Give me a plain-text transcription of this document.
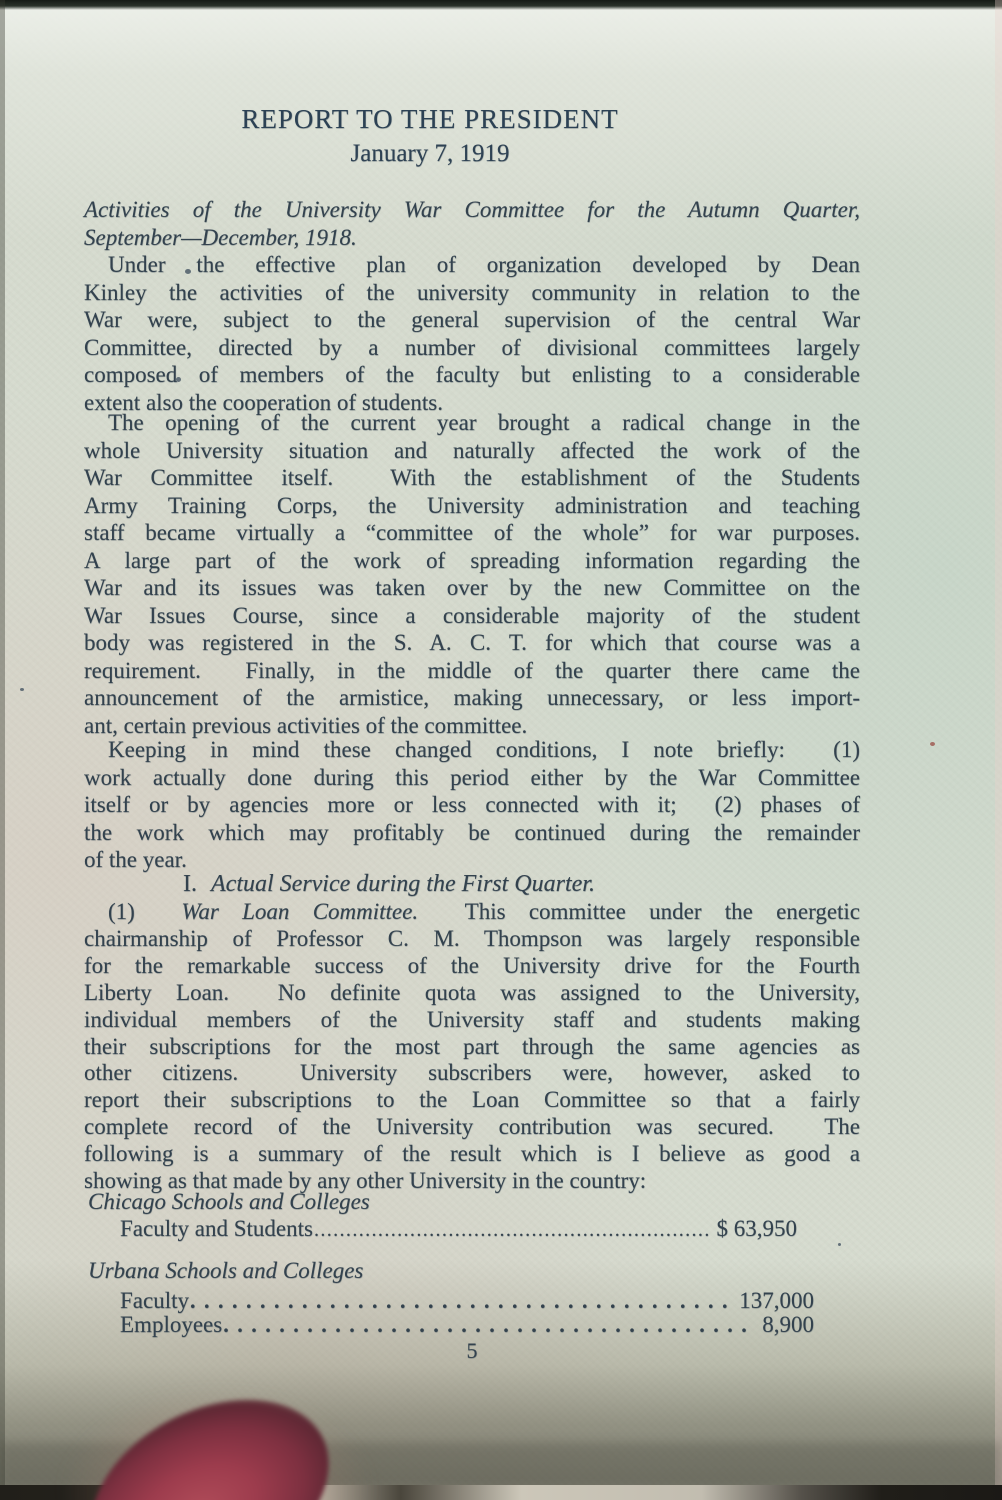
REPORT TO THE PRESIDENT
January 7, 1919
Activities of the University War Committee for the Autumn Quarter,
September—December, 1918.
Under the effective plan of organization developed by Dean
Kinley the activities of the university community in relation to the
War were, subject to the general supervision of the central War
Committee, directed by a number of divisional committees largely
composed of members of the faculty but enlisting to a considerable
extent also the cooperation of students.
The opening of the current year brought a radical change in the
whole University situation and naturally affected the work of the
War Committee itself.  With the establishment of the Students
Army Training Corps, the University administration and teaching
staff became virtually a “committee of the whole” for war purposes.
A large part of the work of spreading information regarding the
War and its issues was taken over by the new Committee on the
War Issues Course, since a considerable majority of the student
body was registered in the S. A. C. T. for which that course was a
requirement.  Finally, in the middle of the quarter there came the
announcement of the armistice, making unnecessary, or less import-
ant, certain previous activities of the committee.
Keeping in mind these changed conditions, I note briefly:  (1)
work actually done during this period either by the War Committee
itself or by agencies more or less connected with it;  (2) phases of
the work which may profitably be continued during the remainder
of the year.
I. Actual Service during the First Quarter.
(1) War Loan Committee.  This committee under the energetic
chairmanship of Professor C. M. Thompson was largely responsible
for the remarkable success of the University drive for the Fourth
Liberty Loan.  No definite quota was assigned to the University,
individual members of the University staff and students making
their subscriptions for the most part through the same agencies as
other citizens.  University subscribers were, however, asked to
report their subscriptions to the Loan Committee so that a fairly
complete record of the University contribution was secured.  The
following is a summary of the result which is I believe as good a
showing as that made by any other University in the country:
Chicago Schools and Colleges
Faculty and Students .....	$ 63,950
Urbana Schools and Colleges
Faculty .....	137,000
Employees .....	8,900
5
